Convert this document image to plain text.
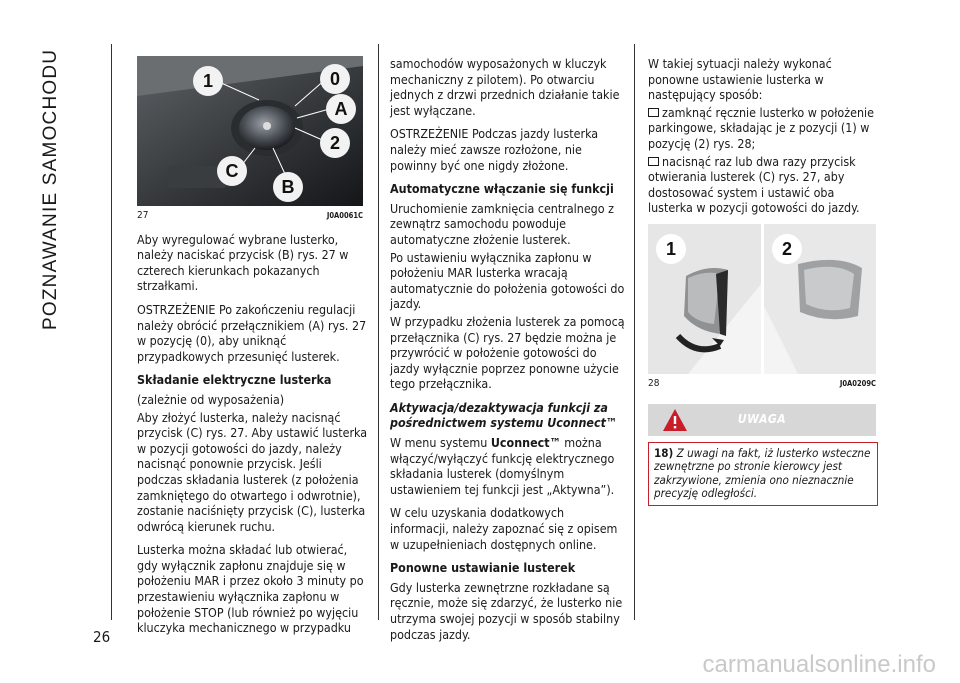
POZNAWANIE SAMOCHODU
26
1	0
A
2
C
B
27	J0A0061C

Aby wyregulować wybrane lusterko, należy naciskać przycisk (B) rys. 27 w czterech kierunkach pokazanych strzałkami.

OSTRZEŻENIE Po zakończeniu regulacji należy obrócić przełącznikiem (A) rys. 27 w pozycję (0), aby uniknąć przypadkowych przesunięć lusterek.

Składanie elektryczne lusterka

(zależnie od wyposażenia)

Aby złożyć lusterka, należy nacisnąć przycisk (C) rys. 27. Aby ustawić lusterka w pozycji gotowości do jazdy, należy nacisnąć ponownie przycisk. Jeśli podczas składania lusterek (z położenia zamkniętego do otwartego i odwrotnie), zostanie naciśnięty przycisk (C), lusterka odwrócą kierunek ruchu.

Lusterka można składać lub otwierać, gdy wyłącznik zapłonu znajduje się w położeniu MAR i przez około 3 minuty po przestawieniu wyłącznika zapłonu w położenie STOP (lub również po wyjęciu kluczyka mechanicznego w przypadku

samochodów wyposażonych w kluczyk mechaniczny z pilotem). Po otwarciu jednych z drzwi przednich działanie takie jest wyłączane.

OSTRZEŻENIE Podczas jazdy lusterka należy mieć zawsze rozłożone, nie powinny być one nigdy złożone.

Automatyczne włączanie się funkcji

Uruchomienie zamknięcia centralnego z zewnątrz samochodu powoduje automatyczne złożenie lusterek.

Po ustawieniu wyłącznika zapłonu w położeniu MAR lusterka wracają automatycznie do położenia gotowości do jazdy.

W przypadku złożenia lusterek za pomocą przełącznika (C) rys. 27 będzie można je przywrócić w położenie gotowości do jazdy wyłącznie poprzez ponowne użycie tego przełącznika.

Aktywacja/dezaktywacja funkcji za pośrednictwem systemu Uconnect™

W menu systemu Uconnect™ można włączyć/wyłączyć funkcję elektrycznego składania lusterek (domyślnym ustawieniem tej funkcji jest „Aktywna”).

W celu uzyskania dodatkowych informacji, należy zapoznać się z opisem w uzupełnieniach dostępnych online.

Ponowne ustawianie lusterek

Gdy lusterka zewnętrzne rozkładane są ręcznie, może się zdarzyć, że lusterko nie utrzyma swojej pozycji w sposób stabilny podczas jazdy.

W takiej sytuacji należy wykonać ponowne ustawienie lusterka w następujący sposób:

zamknąć ręcznie lusterko w położenie parkingowe, składając je z pozycji (1) w pozycję (2) rys. 28;

nacisnąć raz lub dwa razy przycisk otwierania lusterek (C) rys. 27, aby dostosować system i ustawić oba lusterka w pozycji gotowości do jazdy.

1	2
28	J0A0209C
UWAGA
18) Z uwagi na fakt, iż lusterko wsteczne zewnętrzne po stronie kierowcy jest zakrzywione, zmienia ono nieznacznie precyzję odległości.
carmanualsonline.info
